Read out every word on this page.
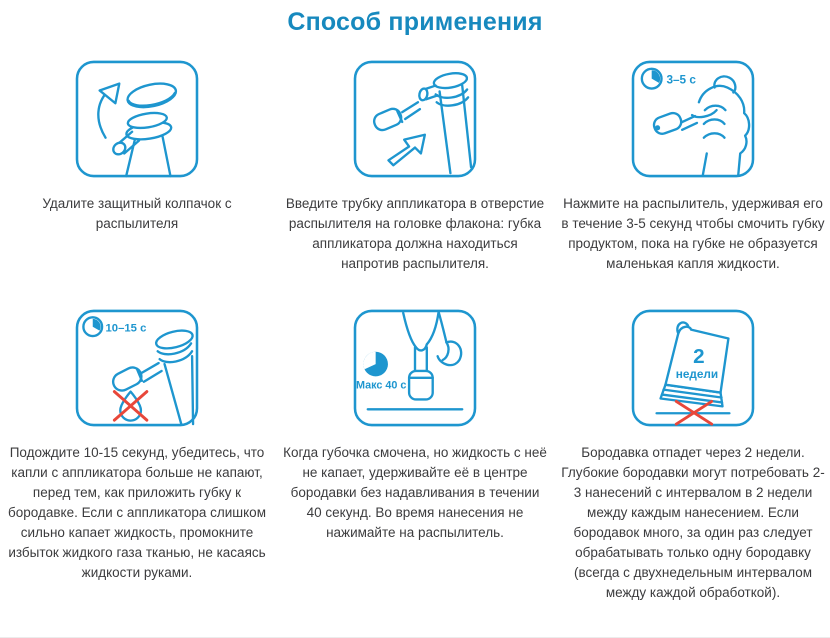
Способ применения

Удалите защитный колпачок с распылителя

Введите трубку аппликатора в отверстие распылителя на головке флакона: губка аппликатора должна находиться напротив распылителя.

3–5 с

Нажмите на распылитель, удерживая его в течение 3-5 секунд чтобы смочить губку продуктом, пока на губке не образуется маленькая капля жидкости.

10–15 с

Подождите 10-15 секунд, убедитесь, что капли с аппликатора больше не капают, перед тем, как приложить губку к бородавке. Если с аппликатора слишком сильно капает жидкость, промокните избыток жидкого газа тканью, не касаясь жидкости руками.

Макс 40 с

Когда губочка смочена, но жидкость с неё не капает, удерживайте её в центре бородавки без надавливания в течении 40 секунд. Во время нанесения не нажимайте на распылитель.

2
недели

Бородавка отпадет через 2 недели. Глубокие бородавки могут потребовать 2-3 нанесений с интервалом в 2 недели между каждым нанесением. Если бородавок много, за один раз следует обрабатывать только одну бородавку (всегда с двухнедельным интервалом между каждой обработкой).
